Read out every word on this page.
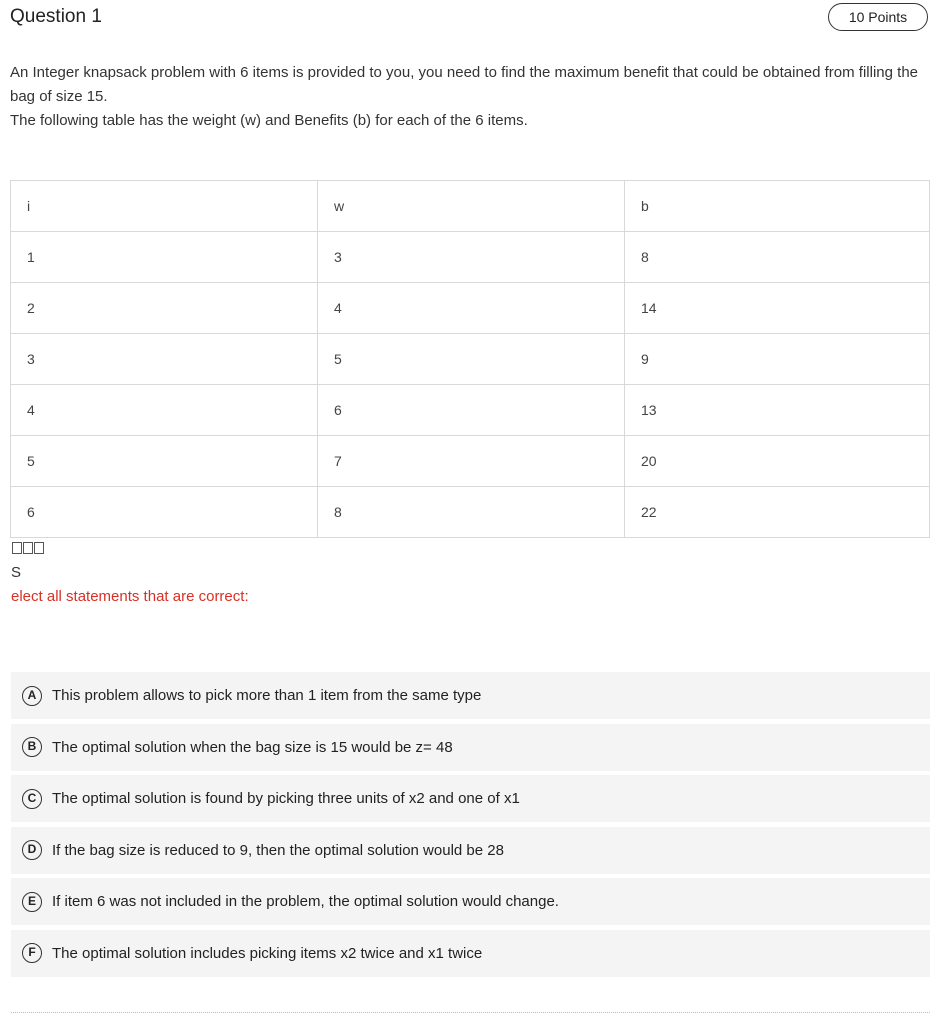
Question 1	10 Points

An Integer knapsack problem with 6 items is provided to you, you need to find the maximum benefit that could be obtained from filling the bag of size 15.

The following table has the weight (w) and Benefits (b) for each of the 6 items.

i	w	b
1	3	8
2	4	14
3	5	9
4	6	13
5	7	20
6	8	22
S
elect all statements that are correct:
A	This problem allows to pick more than 1 item from the same type
B	The optimal solution when the bag size is 15 would be z= 48
C	The optimal solution is found by picking three units of x2 and one of x1
D	If the bag size is reduced to 9, then the optimal solution would be 28
E	If item 6 was not included in the problem, the optimal solution would change.
F	The optimal solution includes picking items x2 twice and x1 twice
